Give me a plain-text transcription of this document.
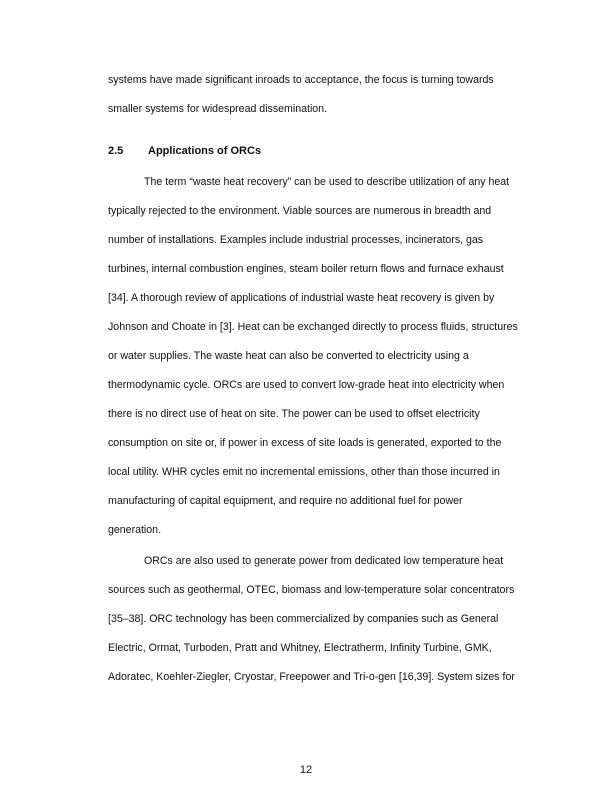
systems have made significant inroads to acceptance, the focus is turning towards
smaller systems for widespread dissemination.
2.5 Applications of ORCs
The term “waste heat recovery” can be used to describe utilization of any heat
typically rejected to the environment. Viable sources are numerous in breadth and
number of installations. Examples include industrial processes, incinerators, gas
turbines, internal combustion engines, steam boiler return flows and furnace exhaust
[34]. A thorough review of applications of industrial waste heat recovery is given by
Johnson and Choate in [3]. Heat can be exchanged directly to process fluids, structures
or water supplies. The waste heat can also be converted to electricity using a
thermodynamic cycle. ORCs are used to convert low-grade heat into electricity when
there is no direct use of heat on site. The power can be used to offset electricity
consumption on site or, if power in excess of site loads is generated, exported to the
local utility. WHR cycles emit no incremental emissions, other than those incurred in
manufacturing of capital equipment, and require no additional fuel for power
generation.
ORCs are also used to generate power from dedicated low temperature heat
sources such as geothermal, OTEC, biomass and low-temperature solar concentrators
[35–38]. ORC technology has been commercialized by companies such as General
Electric, Ormat, Turboden, Pratt and Whitney, Electratherm, Infinity Turbine, GMK,
Adoratec, Koehler-Ziegler, Cryostar, Freepower and Tri-o-gen [16,39]. System sizes for
12
